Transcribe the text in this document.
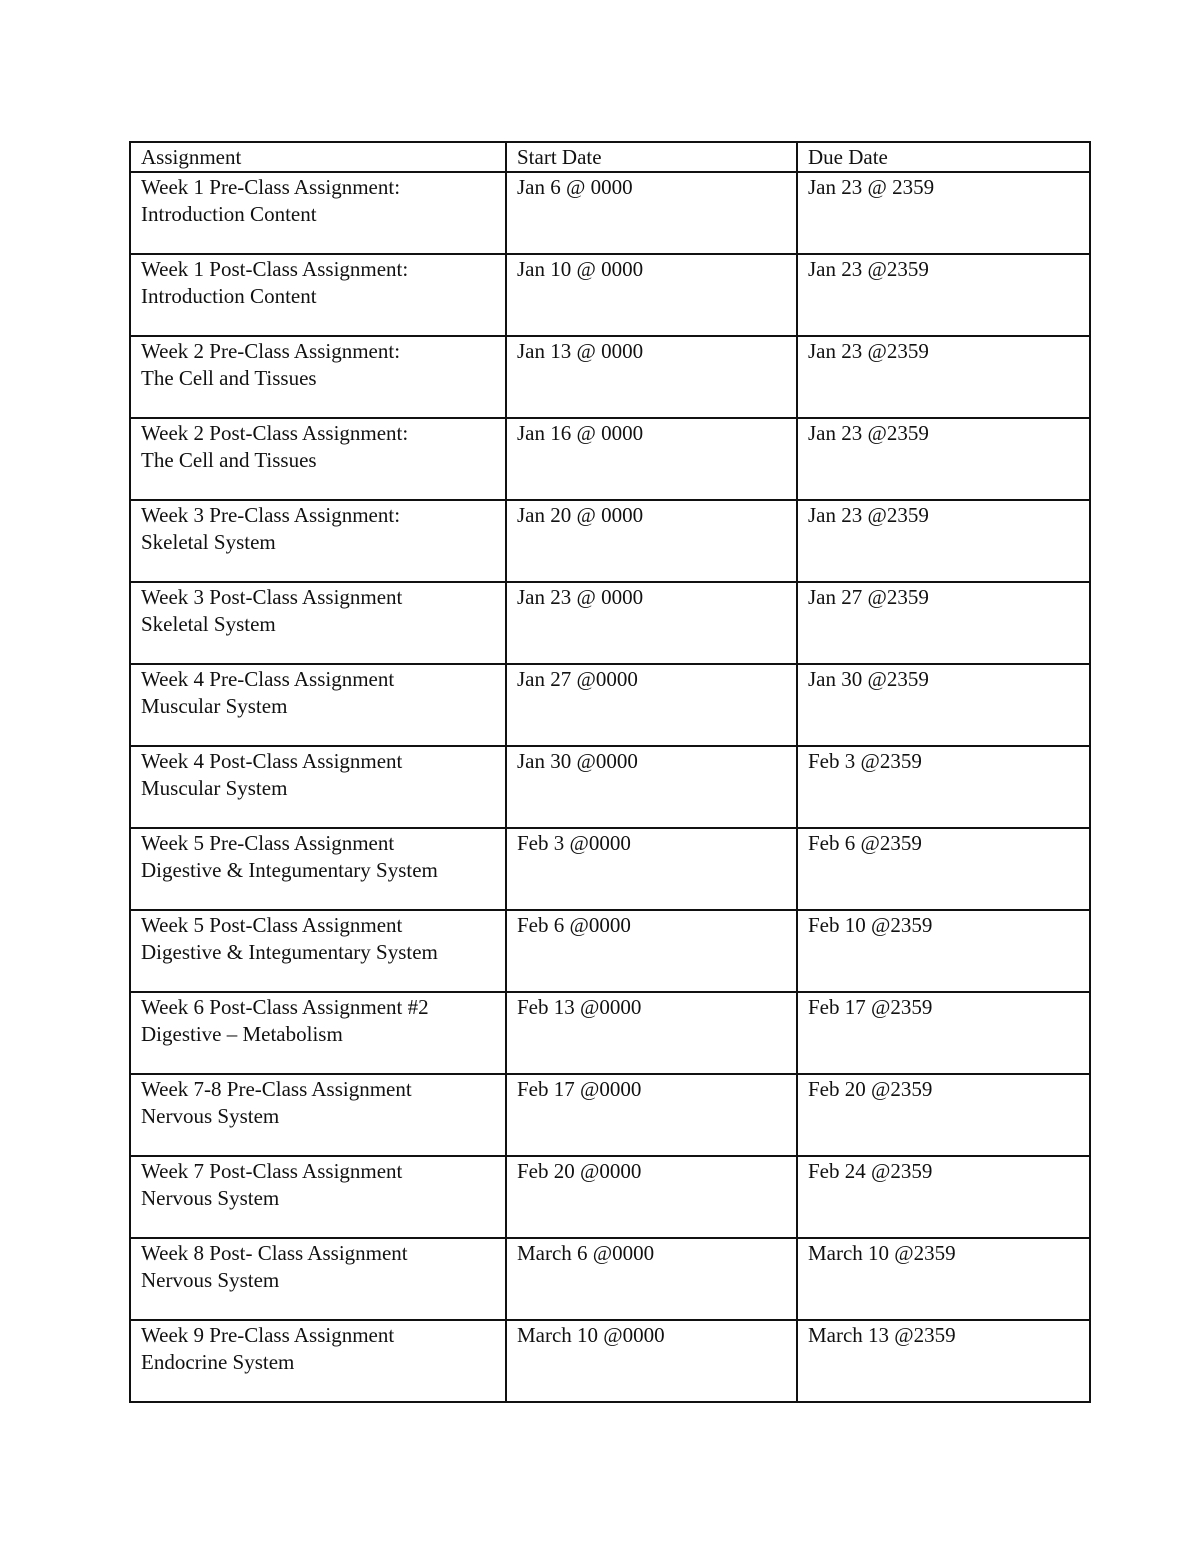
Assignment	Start Date	Due Date

Week 1 Pre-Class Assignment:
Introduction Content	Jan 6 @ 0000	Jan 23 @ 2359

Week 1 Post-Class Assignment:
Introduction Content	Jan 10 @ 0000	Jan 23 @2359

Week 2 Pre-Class Assignment:
The Cell and Tissues	Jan 13 @ 0000	Jan 23 @2359

Week 2 Post-Class Assignment:
The Cell and Tissues	Jan 16 @ 0000	Jan 23 @2359

Week 3 Pre-Class Assignment:
Skeletal System	Jan 20 @ 0000	Jan 23 @2359

Week 3 Post-Class Assignment
Skeletal System	Jan 23 @ 0000	Jan 27 @2359

Week 4 Pre-Class Assignment
Muscular System	Jan 27 @0000	Jan 30 @2359

Week 4 Post-Class Assignment
Muscular System	Jan 30 @0000	Feb 3 @2359

Week 5 Pre-Class Assignment
Digestive & Integumentary System	Feb 3 @0000	Feb 6 @2359

Week 5 Post-Class Assignment
Digestive & Integumentary System	Feb 6 @0000	Feb 10 @2359

Week 6 Post-Class Assignment #2
Digestive – Metabolism	Feb 13 @0000	Feb 17 @2359

Week 7-8 Pre-Class Assignment
Nervous System	Feb 17 @0000	Feb 20 @2359

Week 7 Post-Class Assignment
Nervous System	Feb 20 @0000	Feb 24 @2359

Week 8 Post- Class Assignment
Nervous System	March 6 @0000	March 10 @2359

Week 9 Pre-Class Assignment
Endocrine System	March 10 @0000	March 13 @2359
